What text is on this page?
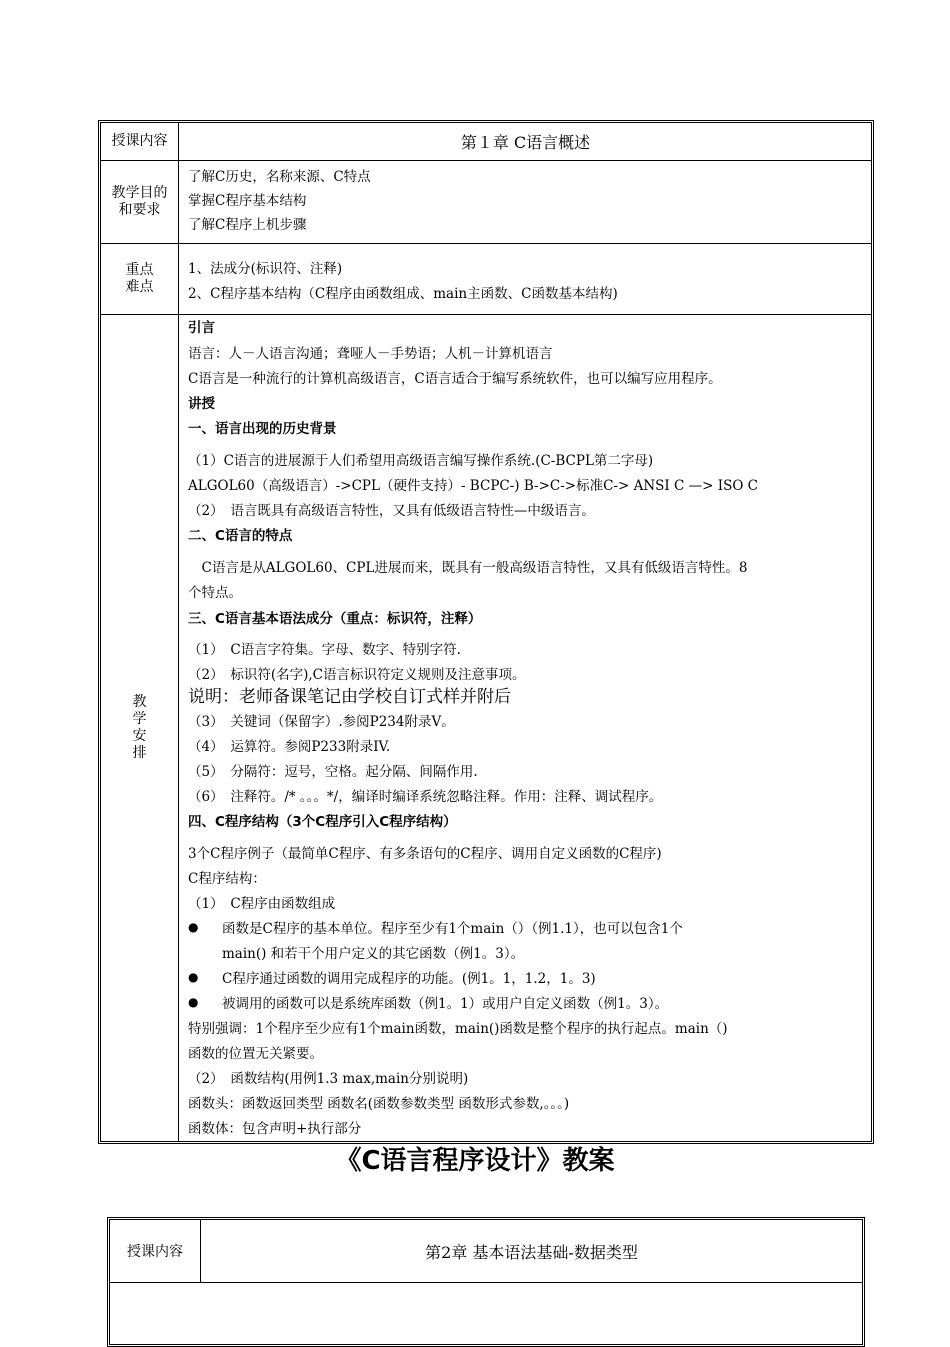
授课内容	第１章 C语言概述
教学目的
和要求
了解C历史，名称来源、C特点
掌握C程序基本结构
了解C程序上机步骤
重点
难点
1、法成分(标识符、注释)
2、C程序基本结构（C程序由函数组成、main主函数、C函数基本结构)
教
学
安
排
引言
语言：人－人语言沟通；聋哑人－手势语；人机－计算机语言
C语言是一种流行的计算机高级语言，C语言适合于编写系统软件，也可以编写应用程序。
讲授
一、语言出现的历史背景
（1）C语言的进展源于人们希望用高级语言编写操作系统.(C-BCPL第二字母)
ALGOL60（高级语言）->CPL（硬件支持）- BCPC-) B->C->标准C-> ANSI C —> ISO C
（2）　语言既具有高级语言特性，又具有低级语言特性—中级语言。
二、C语言的特点
　C语言是从ALGOL60、CPL进展而来，既具有一般高级语言特性，又具有低级语言特性。8
个特点。
三、C语言基本语法成分（重点：标识符，注释）
（1）　C语言字符集。字母、数字、特别字符.
（2）　标识符(名字),C语言标识符定义规则及注意事项。
说明：老师备课笔记由学校自订式样并附后
（3）　关键词（保留字）.参阅P234附录V。
（4）　运算符。参阅P233附录IV.
（5）　分隔符：逗号，空格。起分隔、间隔作用.
（6）　注释符。/* 。。。*/，编译时编译系统忽略注释。作用：注释、调试程序。
四、C程序结构（3个C程序引入C程序结构）
3个C程序例子（最简单C程序、有多条语句的C程序、调用自定义函数的C程序)
C程序结构：
（1）　C程序由函数组成
● 函数是C程序的基本单位。程序至少有1个main（）（例1.1），也可以包含1个
main() 和若干个用户定义的其它函数（例1。3）。
● C程序通过函数的调用完成程序的功能。(例1。1，1.2，1。3)
● 被调用的函数可以是系统库函数（例1。1）或用户自定义函数（例1。3）。
特别强调：1个程序至少应有1个main函数，main()函数是整个程序的执行起点。main（)
函数的位置无关紧要。
（2）　函数结构(用例1.3 max,main分别说明)
函数头：函数返回类型 函数名(函数参数类型 函数形式参数,。。。)
函数体：包含声明+执行部分
《C语言程序设计》教案
授课内容	第2章 基本语法基础-数据类型
